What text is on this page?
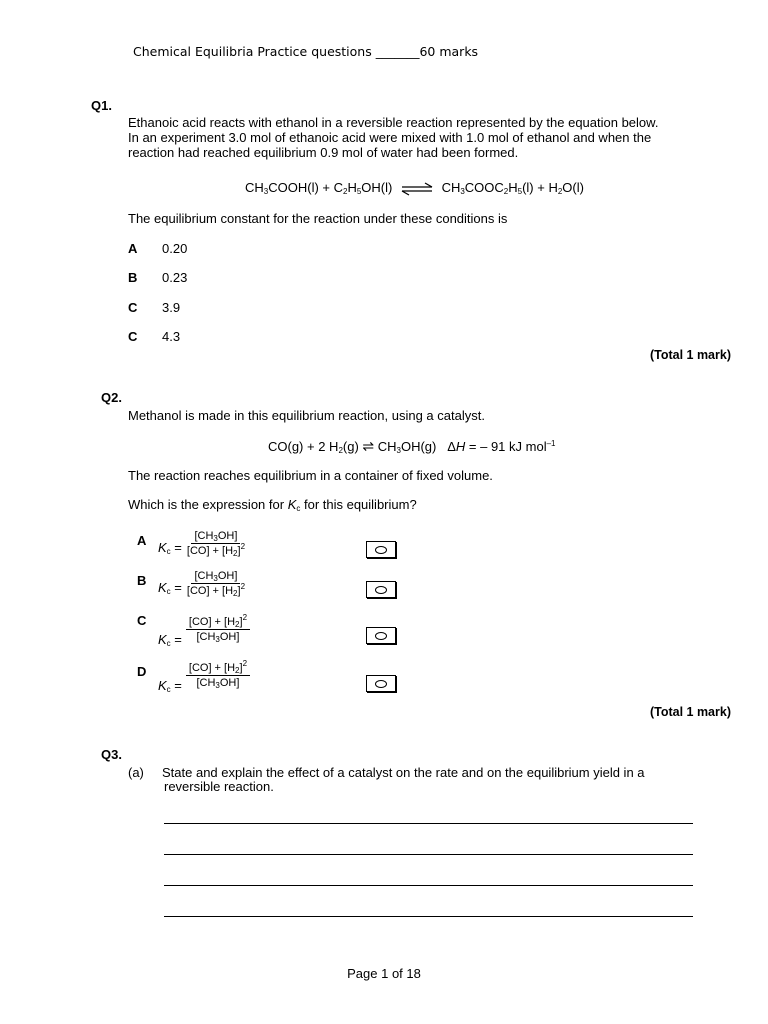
Chemical Equilibria Practice questions _______60 marks
Q1.
Ethanoic acid reacts with ethanol in a reversible reaction represented by the equation below.
In an experiment 3.0 mol of ethanoic acid were mixed with 1.0 mol of ethanol and when the
reaction had reached equilibrium 0.9 mol of water had been formed.
$CH_3COOH(l) + C_2H_5OH(l)$ ⇌ $CH_3COOC_2H_5(l) + H_2O(l)$
The equilibrium constant for the reaction under these conditions is
A 0.20
B 0.23
C 3.9
C 4.3
(Total 1 mark)
Q2.
Methanol is made in this equilibrium reaction, using a catalyst.
CO(g) + 2 $H_2(g)$ ⇌ $CH_3OH(g) \Delta H$ = – 91 kJ mol$^{-1}$
The reaction reaches equilibrium in a container of fixed volume.
Which is the expression for $K_c$ for this equilibrium?
A $K_c = \frac{[CH_3OH]}{[CO] + [H_2]^2}$
B $K_c = \frac{[CH_3OH]}{[CO] + [H_2]^2}$
C
$K_c = \frac{[CO] + [H_2]^2}{[CH_3OH]}$
D
$K_c = \frac{[CO] + [H_2]^2}{[CH_3OH]}$
(Total 1 mark)
Q3.
(a) State and explain the effect of a catalyst on the rate and on the equilibrium yield in a
reversible reaction.
Page 1 of 18
